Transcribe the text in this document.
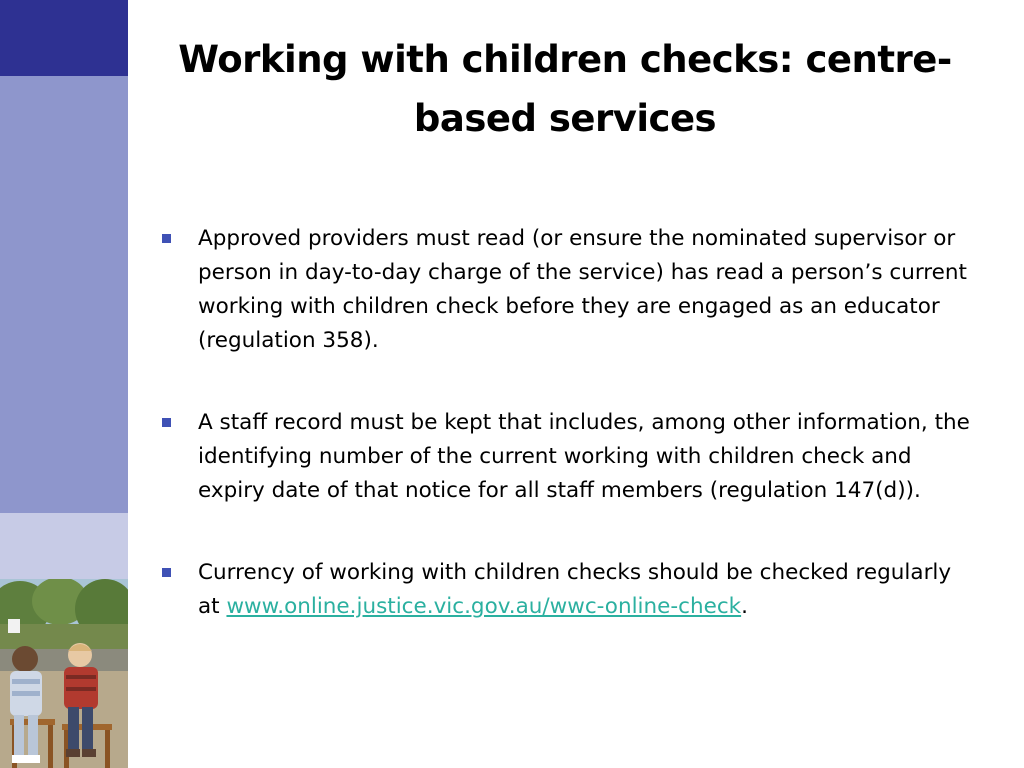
Working with children checks: centre-based services
Approved providers must read (or ensure the nominated supervisor or person in day-to-day charge of the service) has read a person’s current working with children check before they are engaged as an educator (regulation 358).
A staff record must be kept that includes, among other information, the identifying number of the current working with children check and expiry date of that notice for all staff members (regulation 147(d)).
Currency of working with children checks should be checked regularly at www.online.justice.vic.gov.au/wwc-online-check.
